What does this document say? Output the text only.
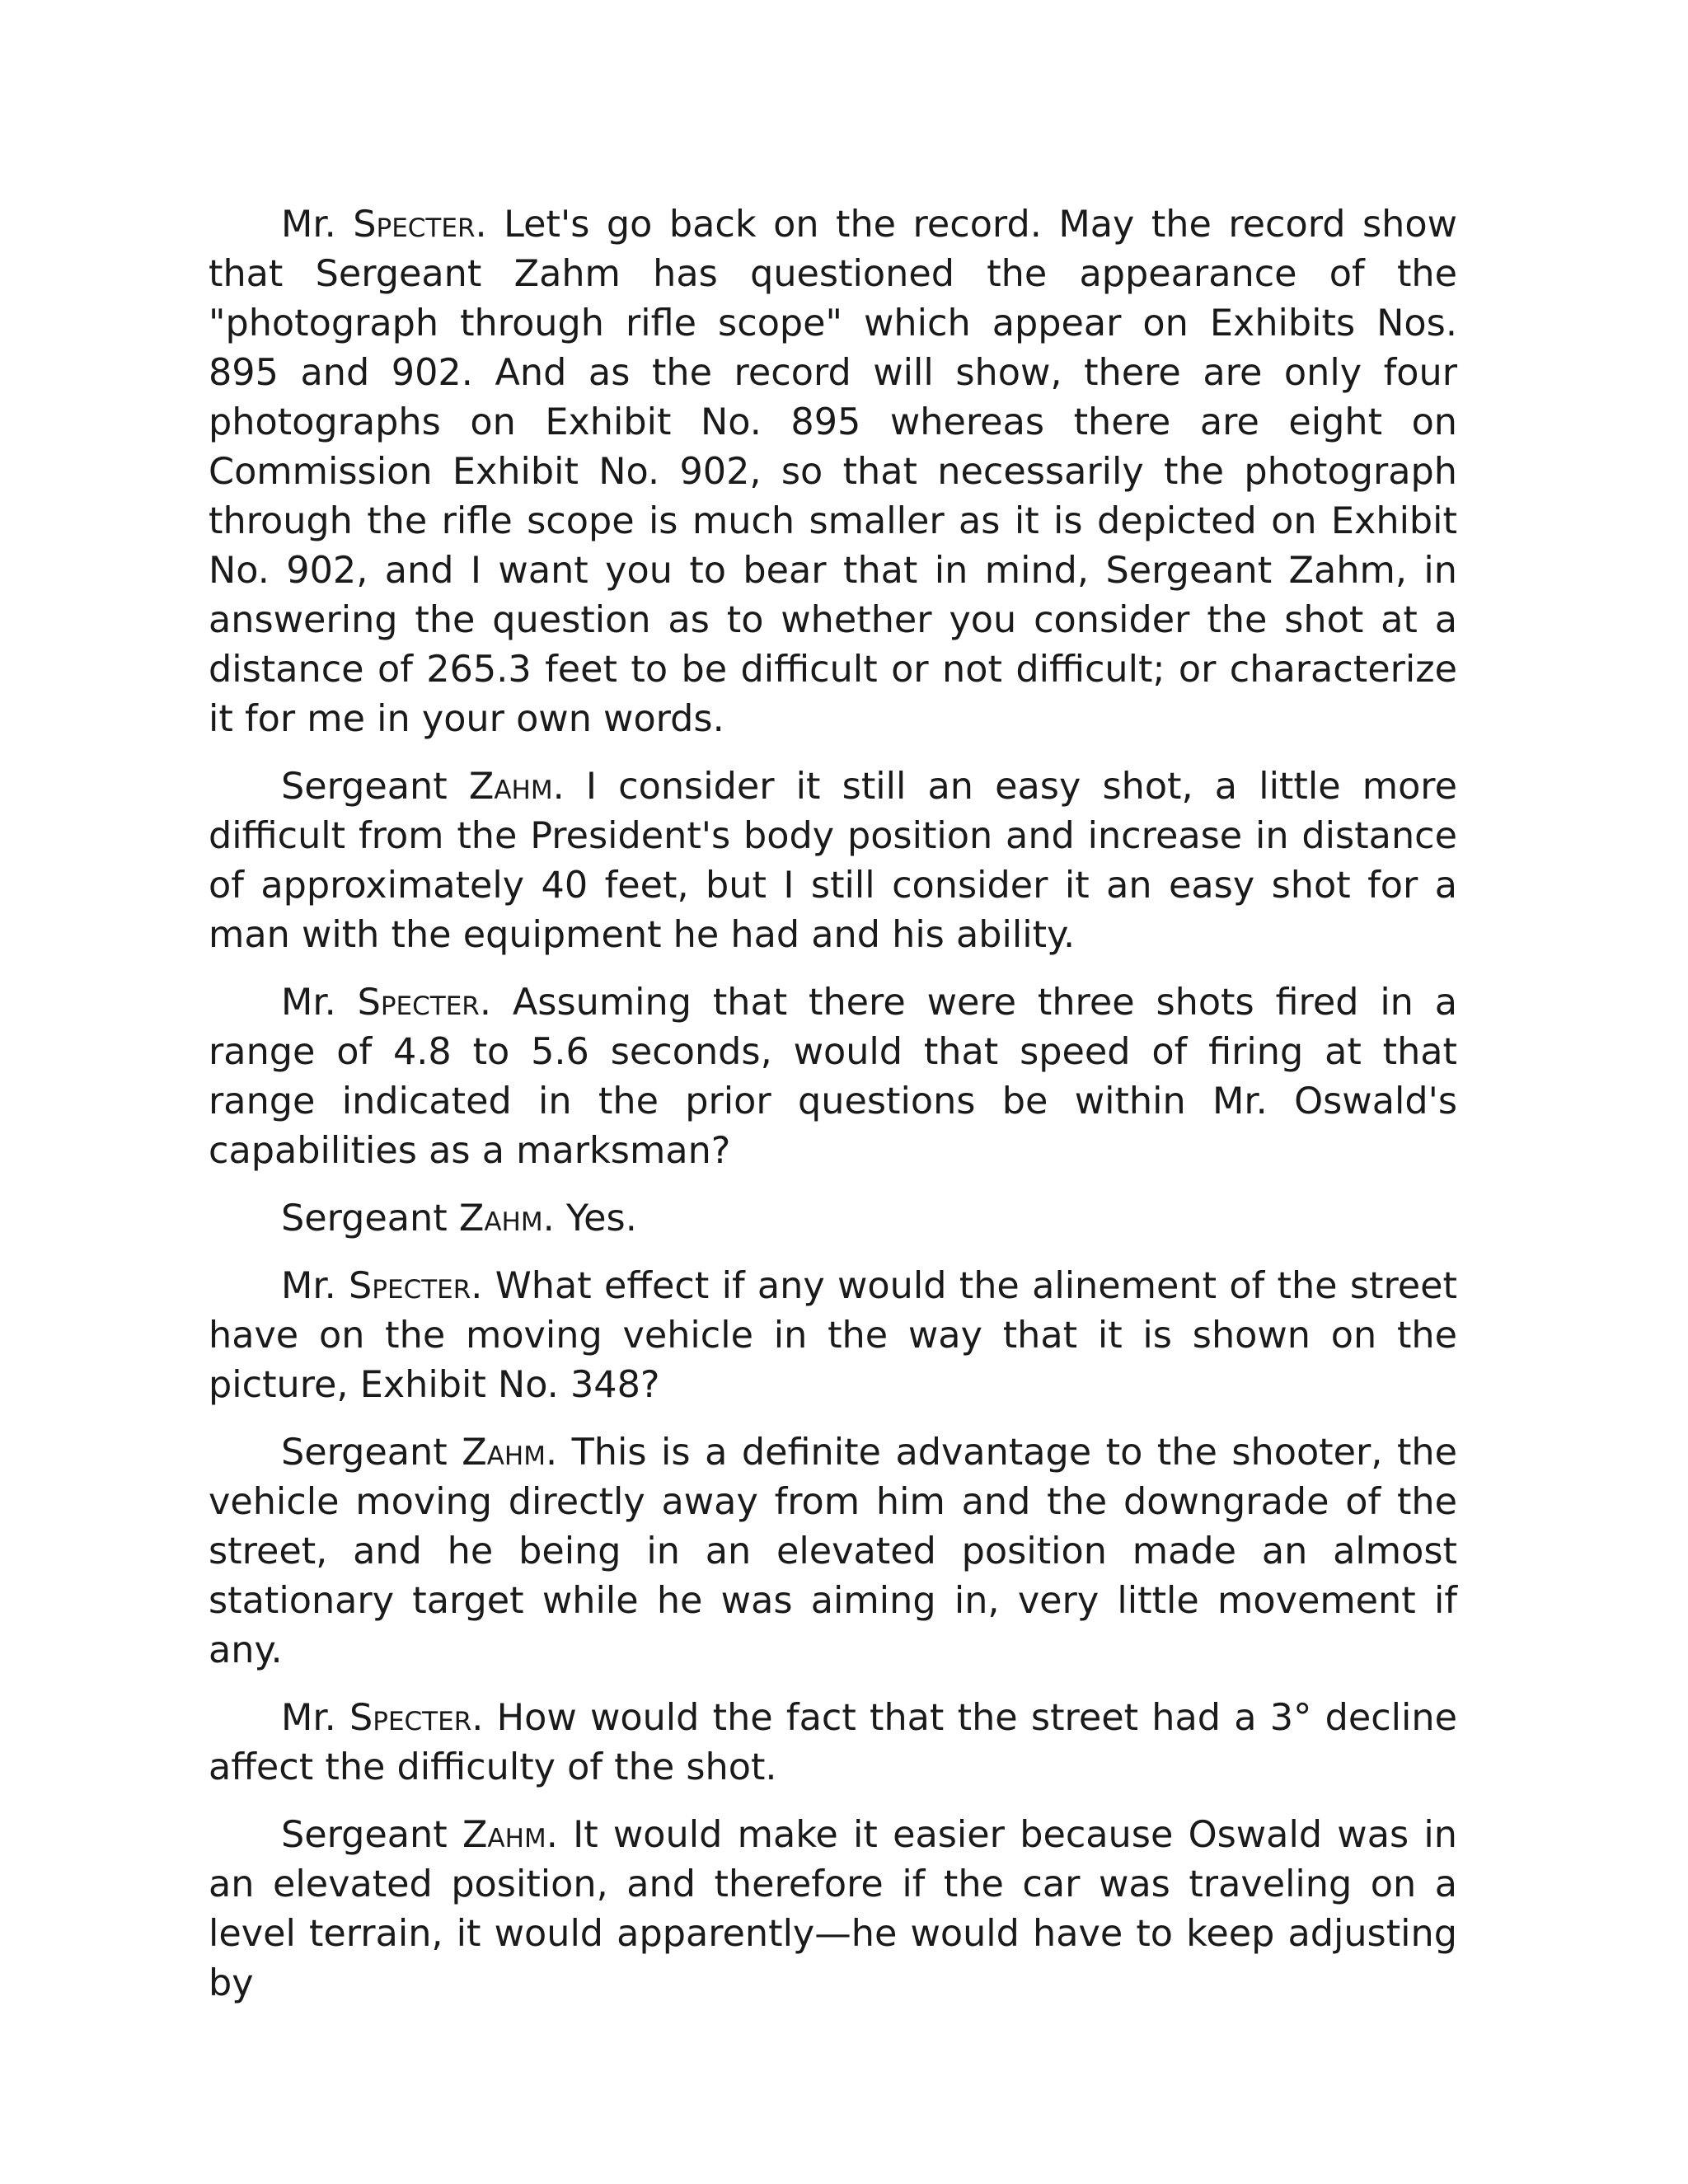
Mr. Specter. Let's go back on the record. May the record show that Sergeant Zahm has questioned the appearance of the "photograph through rifle scope" which appear on Exhibits Nos. 895 and 902. And as the record will show, there are only four photographs on Exhibit No. 895 whereas there are eight on Commission Exhibit No. 902, so that necessarily the photograph through the rifle scope is much smaller as it is depicted on Exhibit No. 902, and I want you to bear that in mind, Sergeant Zahm, in answering the question as to whether you consider the shot at a distance of 265.3 feet to be difficult or not difficult; or characterize it for me in your own words.

Sergeant Zahm. I consider it still an easy shot, a little more difficult from the President's body position and increase in distance of approximately 40 feet, but I still consider it an easy shot for a man with the equipment he had and his ability.

Mr. Specter. Assuming that there were three shots fired in a range of 4.8 to 5.6 seconds, would that speed of firing at that range indicated in the prior questions be within Mr. Oswald's capabilities as a marksman?

Sergeant Zahm. Yes.

Mr. Specter. What effect if any would the alinement of the street have on the moving vehicle in the way that it is shown on the picture, Exhibit No. 348?

Sergeant Zahm. This is a definite advantage to the shooter, the vehicle moving directly away from him and the downgrade of the street, and he being in an elevated position made an almost stationary target while he was aiming in, very little movement if any.

Mr. Specter. How would the fact that the street had a 3° decline affect the difficulty of the shot.

Sergeant Zahm. It would make it easier because Oswald was in an elevated position, and therefore if the car was traveling on a level terrain, it would apparently—he would have to keep adjusting by
